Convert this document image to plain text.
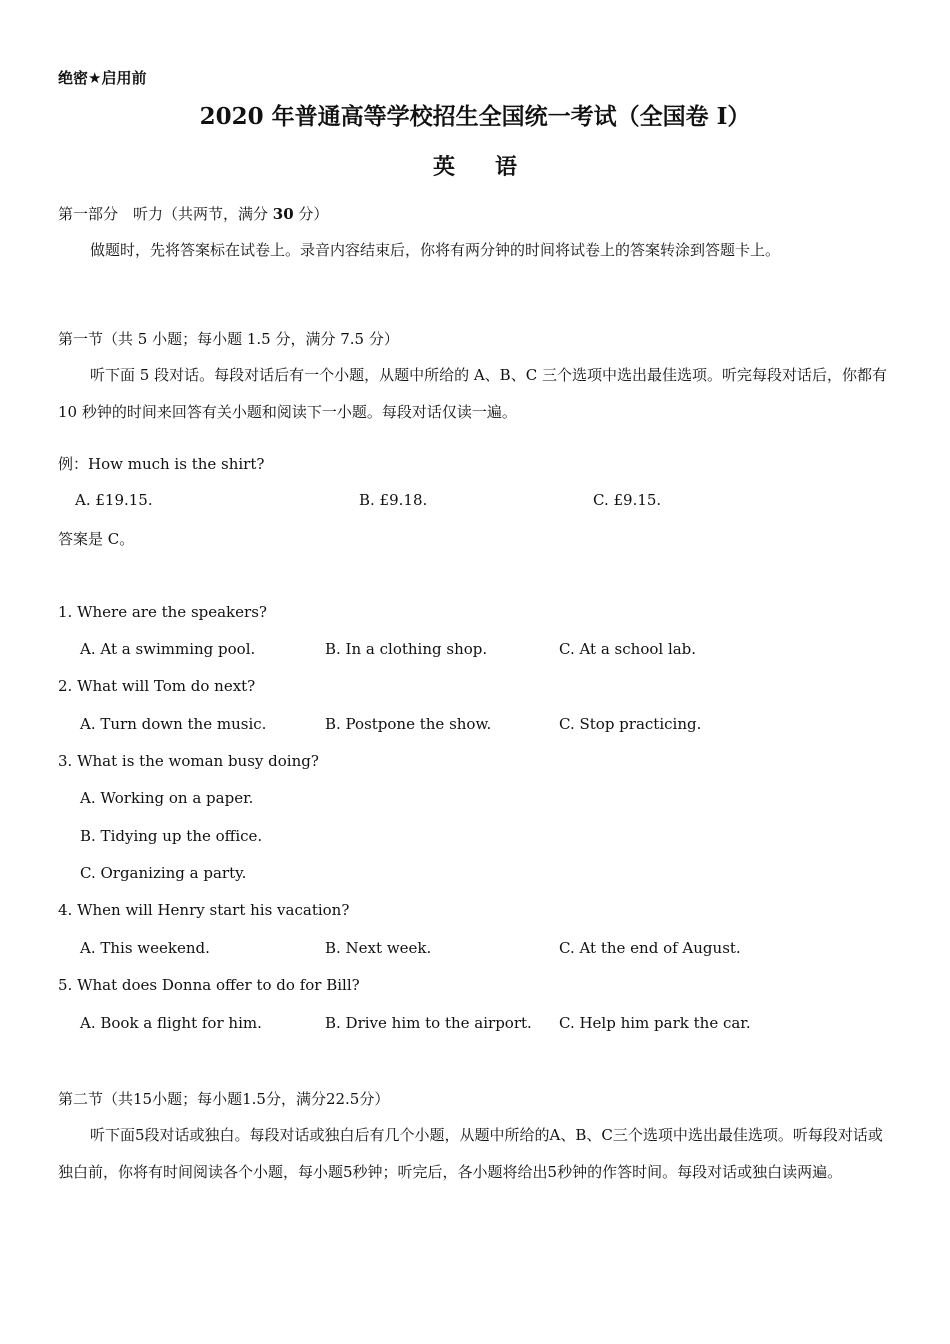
绝密★启用前
2020 年普通高等学校招生全国统一考试（全国卷 I）
英语
第一部分　听力（共两节，满分 30 分）
做题时，先将答案标在试卷上。录音内容结束后，你将有两分钟的时间将试卷上的答案转涂到答题卡上。
第一节（共 5 小题；每小题 1.5 分，满分 7.5 分）
听下面 5 段对话。每段对话后有一个小题，从题中所给的 A、B、C 三个选项中选出最佳选项。听完每段对话后，你都有 10 秒钟的时间来回答有关小题和阅读下一小题。每段对话仅读一遍。
例：How much is the shirt?
A. £19.15.	B. £9.18.	C. £9.15.
答案是 C。
1. Where are the speakers?
A. At a swimming pool.	B. In a clothing shop.	C. At a school lab.
2. What will Tom do next?
A. Turn down the music.	B. Postpone the show.	C. Stop practicing.
3. What is the woman busy doing?
A. Working on a paper.
B. Tidying up the office.
C. Organizing a party.
4. When will Henry start his vacation?
A. This weekend.	B. Next week.	C. At the end of August.
5. What does Donna offer to do for Bill?
A. Book a flight for him.	B. Drive him to the airport. C. Help him park the car.
第二节（共15小题；每小题1.5分，满分22.5分）
听下面5段对话或独白。每段对话或独白后有几个小题，从题中所给的A、B、C三个选项中选出最佳选项。听每段对话或独白前，你将有时间阅读各个小题，每小题5秒钟；听完后，各小题将给出5秒钟的作答时间。每段对话或独白读两遍。
